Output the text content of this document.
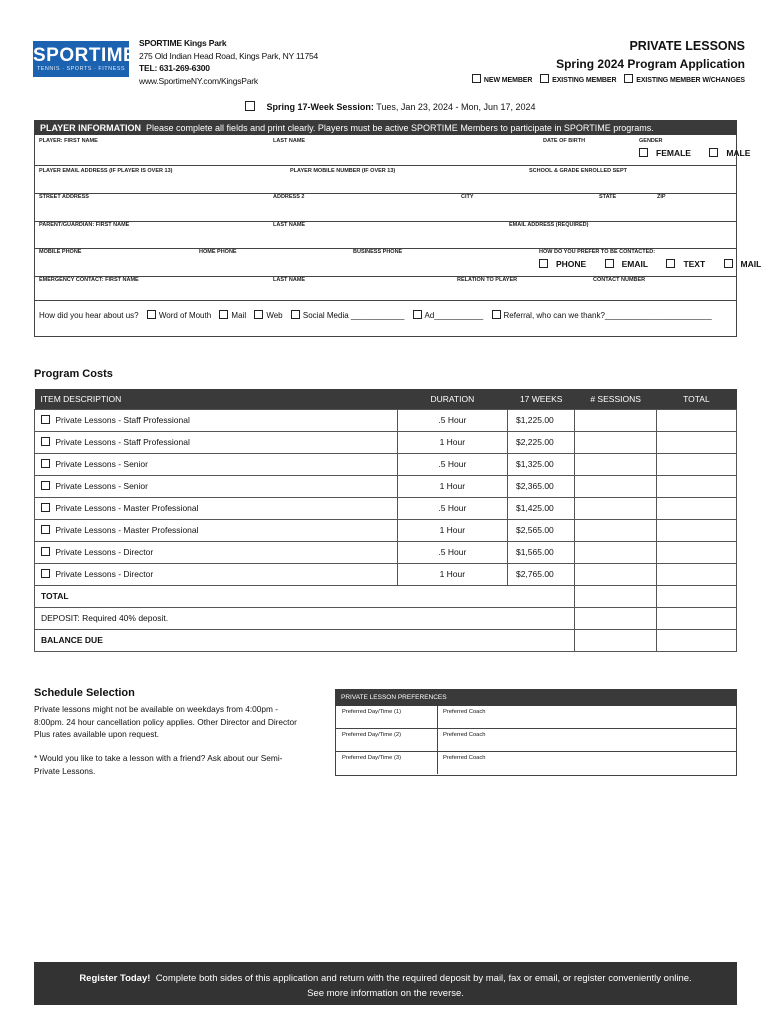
SPORTIME
TENNIS · SPORTS · FITNESS
SPORTIME Kings Park
275 Old Indian Head Road, Kings Park, NY 11754
TEL: 631-269-6300
www.SportimeNY.com/KingsPark
PRIVATE LESSONS
Spring 2024 Program Application
NEW MEMBER	EXISTING MEMBER	EXISTING MEMBER W/CHANGES
Spring 17-Week Session: Tues, Jan 23, 2024 - Mon, Jun 17, 2024
PLAYER INFORMATION Please complete all fields and print clearly. Players must be active SPORTIME Members to participate in SPORTIME programs.
PLAYER: FIRST NAME	LAST NAME	DATE OF BIRTH	GENDER
FEMALE	MALE
PLAYER EMAIL ADDRESS (IF PLAYER IS OVER 13)	PLAYER MOBILE NUMBER (IF OVER 13)	SCHOOL & GRADE ENROLLED SEPT
STREET ADDRESS	ADDRESS 2	CITY	STATE	ZIP
PARENT/GUARDIAN: FIRST NAME	LAST NAME	EMAIL ADDRESS (REQUIRED)
MOBILE PHONE	HOME PHONE	BUSINESS PHONE	HOW DO YOU PREFER TO BE CONTACTED:
PHONE	EMAIL	TEXT	MAIL
EMERGENCY CONTACT: FIRST NAME	LAST NAME	RELATION TO PLAYER	CONTACT NUMBER
How did you hear about us?	Word of Mouth	Mail	Web	Social Media ____________	Ad___________	Referral, who can we thank?________________________
Program Costs
ITEM DESCRIPTION	DURATION	17 WEEKS	# SESSIONS	TOTAL
Private Lessons - Staff Professional	.5 Hour	$1,225.00		
Private Lessons - Staff Professional	1 Hour	$2,225.00		
Private Lessons - Senior	.5 Hour	$1,325.00		
Private Lessons - Senior	1 Hour	$2,365.00		
Private Lessons - Master Professional	.5 Hour	$1,425.00		
Private Lessons - Master Professional	1 Hour	$2,565.00		
Private Lessons - Director	.5 Hour	$1,565.00		
Private Lessons - Director	1 Hour	$2,765.00		
TOTAL				
DEPOSIT: Required 40% deposit.				
BALANCE DUE				
Schedule Selection
Private lessons might not be available on weekdays from 4:00pm - 8:00pm. 24 hour cancellation policy applies. Other Director and Director Plus rates available upon request.
* Would you like to take a lesson with a friend? Ask about our Semi-Private Lessons.
PRIVATE LESSON PREFERENCES
Preferred Day/Time (1)	Preferred Coach
Preferred Day/Time (2)	Preferred Coach
Preferred Day/Time (3)	Preferred Coach
Register Today! Complete both sides of this application and return with the required deposit by mail, fax or email, or register conveniently online.
See more information on the reverse.
